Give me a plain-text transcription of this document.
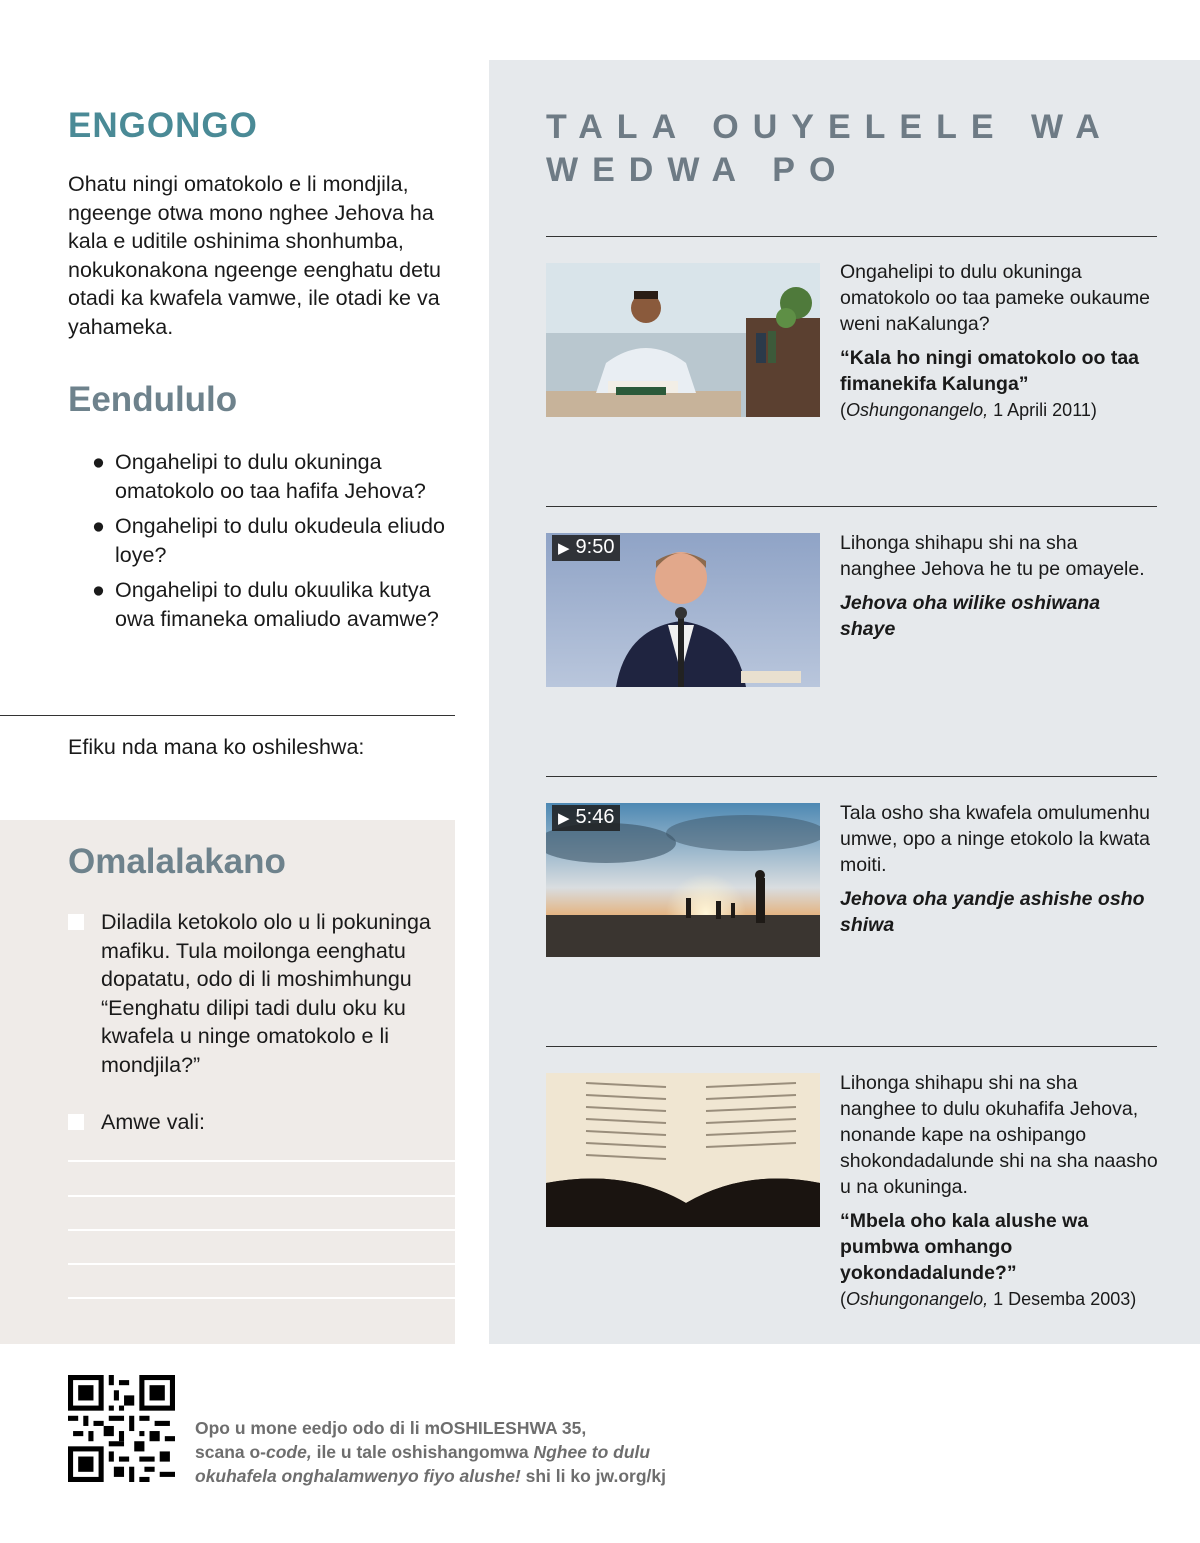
ENGONGO
Ohatu ningi omatokolo e li mondjila, ngeenge otwa mono nghee Jehova ha kala e uditile oshinima shonhumba, nokukonakona ngeenge eenghatu detu otadi ka kwafela vamwe, ile otadi ke va yahameka.
Eendululo
● Ongahelipi to dulu okuninga omatokolo oo taa hafifa Jehova?
● Ongahelipi to dulu okudeula eliudo loye?
● Ongahelipi to dulu okuulika kutya owa fimaneka omaliudo avamwe?
Efiku nda mana ko oshileshwa:
Omalalakano
Diladila ketokolo olo u li pokuninga mafiku. Tula moilonga eenghatu dopatatu, odo di li moshimhungu “Eenghatu dilipi tadi dulu oku ku kwafela u ninge omatokolo e li mondjila?”
Amwe vali:
TALA OUYELELE WA WEDWA PO
Ongahelipi to dulu okuninga omatokolo oo taa pameke oukaume weni naKalunga?
“Kala ho ningi omatokolo oo taa fimanekifa Kalunga”
(Oshungonangelo, 1 Aprili 2011)
▶ 9:50	Lihonga shihapu shi na sha nanghee Jehova he tu pe omayele.
Jehova oha wilike oshiwana shaye
▶ 5:46	Tala osho sha kwafela omulumenhu umwe, opo a ninge etokolo la kwata moiti.
Jehova oha yandje ashishe osho shiwa
Lihonga shihapu shi na sha nanghee to dulu okuhafifa Jehova, nonande kape na oshipango shokondadalunde shi na sha naasho u na okuninga.
“Mbela oho kala alushe wa pumbwa omhango yokondadalunde?”
(Oshungonangelo, 1 Desemba 2003)
Opo u mone eedjo odo di li mOSHILESHWA 35,
scana o-code, ile u tale oshishangomwa Nghee to dulu
okuhafela onghalamwenyo fiyo alushe! shi li ko jw.org/kj
